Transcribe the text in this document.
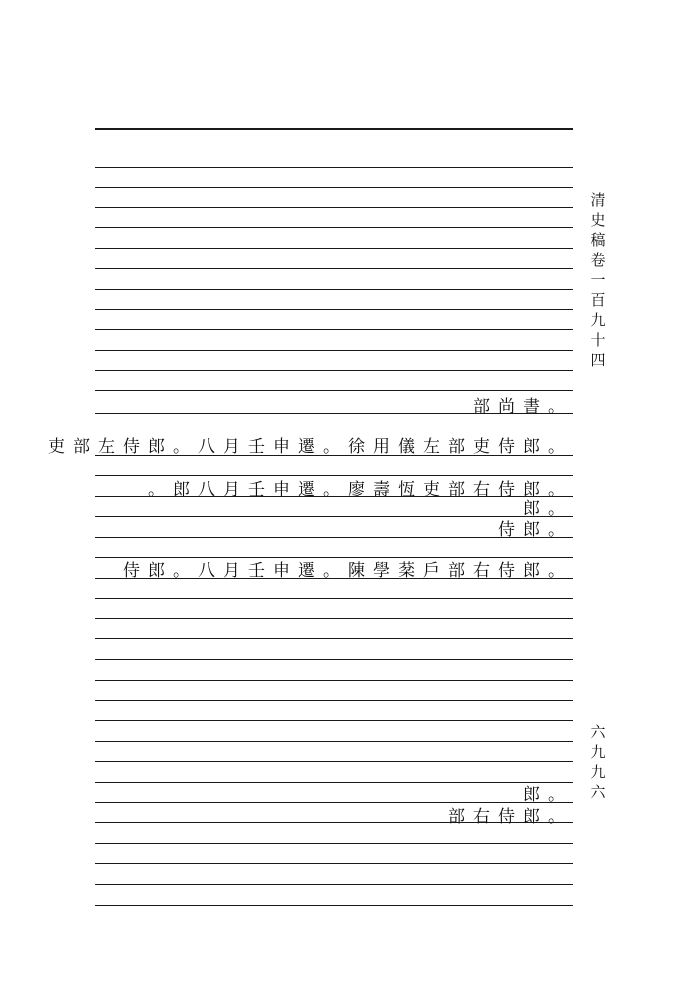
部尚書。
吏部左侍郎。八月壬申遷。徐用儀左部吏侍郎。
。郎八月壬申遷。廖壽恆吏部右侍郎。
郎。
侍郎。
侍郎。八月壬申遷。陳學棻戶部右侍郎。
郎。
部右侍郎。
清
史
稿
卷
一
百
九
十
四
六
九
九
六
